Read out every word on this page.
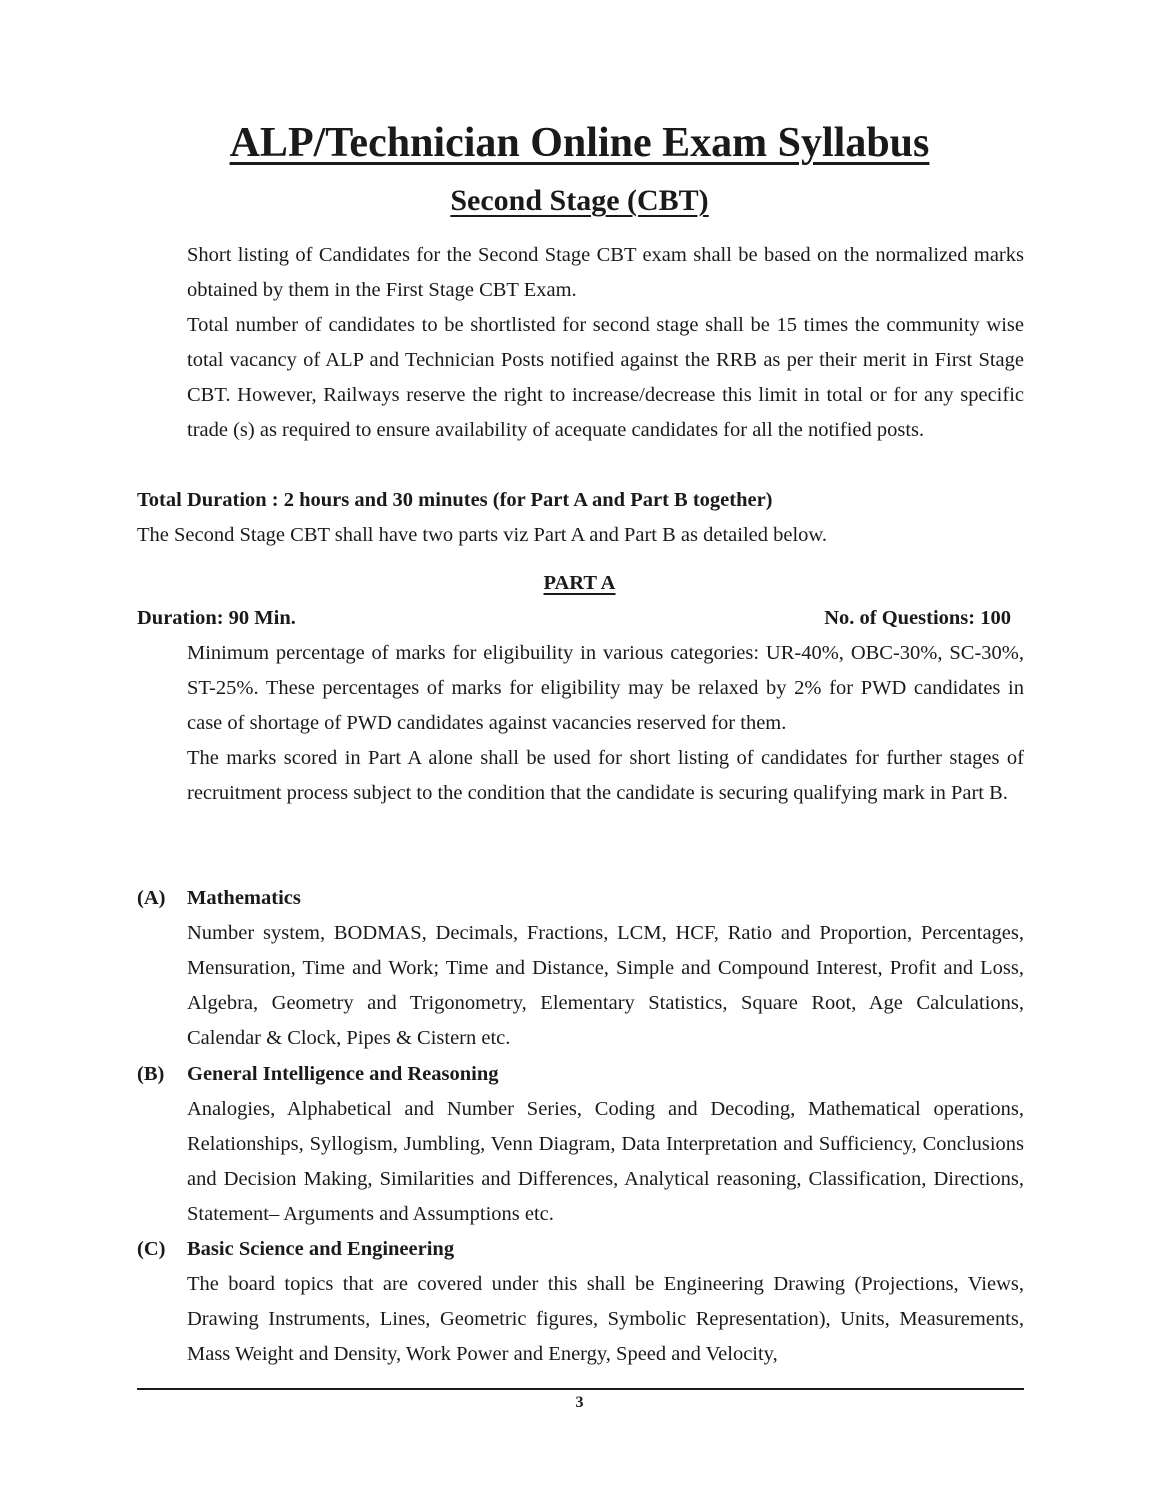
ALP/Technician Online Exam Syllabus
Second Stage (CBT)

Short listing of Candidates for the Second Stage CBT exam shall be based on the normalized marks obtained by them in the First Stage CBT Exam.

Total number of candidates to be shortlisted for second stage shall be 15 times the community wise total vacancy of ALP and Technician Posts notified against the RRB as per their merit in First Stage CBT. However, Railways reserve the right to increase/decrease this limit in total or for any specific trade (s) as required to ensure availability of acequate candidates for all the notified posts.

Total Duration : 2 hours and 30 minutes (for Part A and Part B together)
The Second Stage CBT shall have two parts viz Part A and Part B as detailed below.
PART A
Duration: 90 Min.	No. of Questions: 100

Minimum percentage of marks for eligibuility in various categories: UR-40%, OBC-30%, SC-30%, ST-25%. These percentages of marks for eligibility may be relaxed by 2% for PWD candidates in case of shortage of PWD candidates against vacancies reserved for them.

The marks scored in Part A alone shall be used for short listing of candidates for further stages of recruitment process subject to the condition that the candidate is securing qualifying mark in Part B.

(A) Mathematics

Number system, BODMAS, Decimals, Fractions, LCM, HCF, Ratio and Proportion, Percentages, Mensuration, Time and Work; Time and Distance, Simple and Compound Interest, Profit and Loss, Algebra, Geometry and Trigonometry, Elementary Statistics, Square Root, Age Calculations, Calendar & Clock, Pipes & Cistern etc.

(B) General Intelligence and Reasoning

Analogies, Alphabetical and Number Series, Coding and Decoding, Mathematical operations, Relationships, Syllogism, Jumbling, Venn Diagram, Data Interpretation and Sufficiency, Conclusions and Decision Making, Similarities and Differences, Analytical reasoning, Classification, Directions, Statement– Arguments and Assumptions etc.

(C) Basic Science and Engineering

The board topics that are covered under this shall be Engineering Drawing (Projections, Views, Drawing Instruments, Lines, Geometric figures, Symbolic Representation), Units, Measurements, Mass Weight and Density, Work Power and Energy, Speed and Velocity,

3
